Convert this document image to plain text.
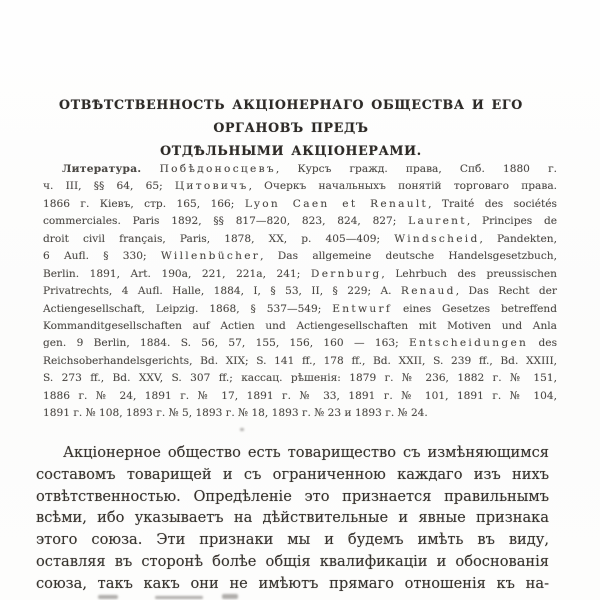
ОТВѢТСТВЕННОСТЬ АКЦІОНЕРНАГО ОБЩЕСТВА И ЕГО ОРГАНОВЪ ПРЕДЪ
ОТДѢЛЬНЫМИ АКЦІОНЕРАМИ.
Литература. Побѣдоносцевъ, Курсъ гражд. права, Спб. 1880 г.
ч. III, §§ 64, 65; Цитовичъ, Очеркъ начальныхъ понятій торговаго права.
1866 г. Кіевъ, стр. 165, 166; Lyon Caen et Renault, Traité des sociétés
commerciales. Paris 1892, §§ 817—820, 823, 824, 827; Laurent, Principes de
droit civil français, Paris, 1878, XX, p. 405—409; Windscheid, Pandekten,
6 Aufl. § 330; Willenbücher, Das allgemeine deutsche Handelsgesetzbuch,
Berlin. 1891, Art. 190a, 221, 221a, 241; Dernburg, Lehrbuch des preussischen
Privatrechts, 4 Aufl. Halle, 1884, I, § 53, II, § 229; A. Renaud, Das Recht der
Actiengesellschaft, Leipzig. 1868, § 537—549; Entwurf eines Gesetzes betreffend
Kommanditgesellschaften auf Actien und Actiengesellschaften mit Motiven und Anla
gen. 9 Berlin, 1884. S. 56, 57, 155, 156, 160 — 163; Entscheidungen des
Reichsoberhandelsgerichts, Bd. XIX; S. 141 ff., 178 ff., Bd. XXII, S. 239 ff., Bd. XXIII,
S. 273 ff., Bd. XXV, S. 307 ff.; кассац. рѣшенія: 1879 г. № 236, 1882 г. № 151,
1886 г. № 24, 1891 г. № 17, 1891 г. № 33, 1891 г. № 101, 1891 г. № 104,
1891 г. № 108, 1893 г. № 5, 1893 г. № 18, 1893 г. № 23 и 1893 г. № 24.
Акціонерное общество есть товарищество съ измѣняющимся
составомъ товарищей и съ ограниченною каждаго изъ нихъ
отвѣтственностью. Опредѣленіе это признается правильнымъ
всѣми, ибо указываетъ на дѣйствительные и явные признака
этого союза. Эти признаки мы и будемъ имѣть въ виду,
оставляя въ сторонѣ болѣе общія квалификаціи и обоснованія
союза, такъ какъ они не имѣютъ прямаго отношенія къ на-
